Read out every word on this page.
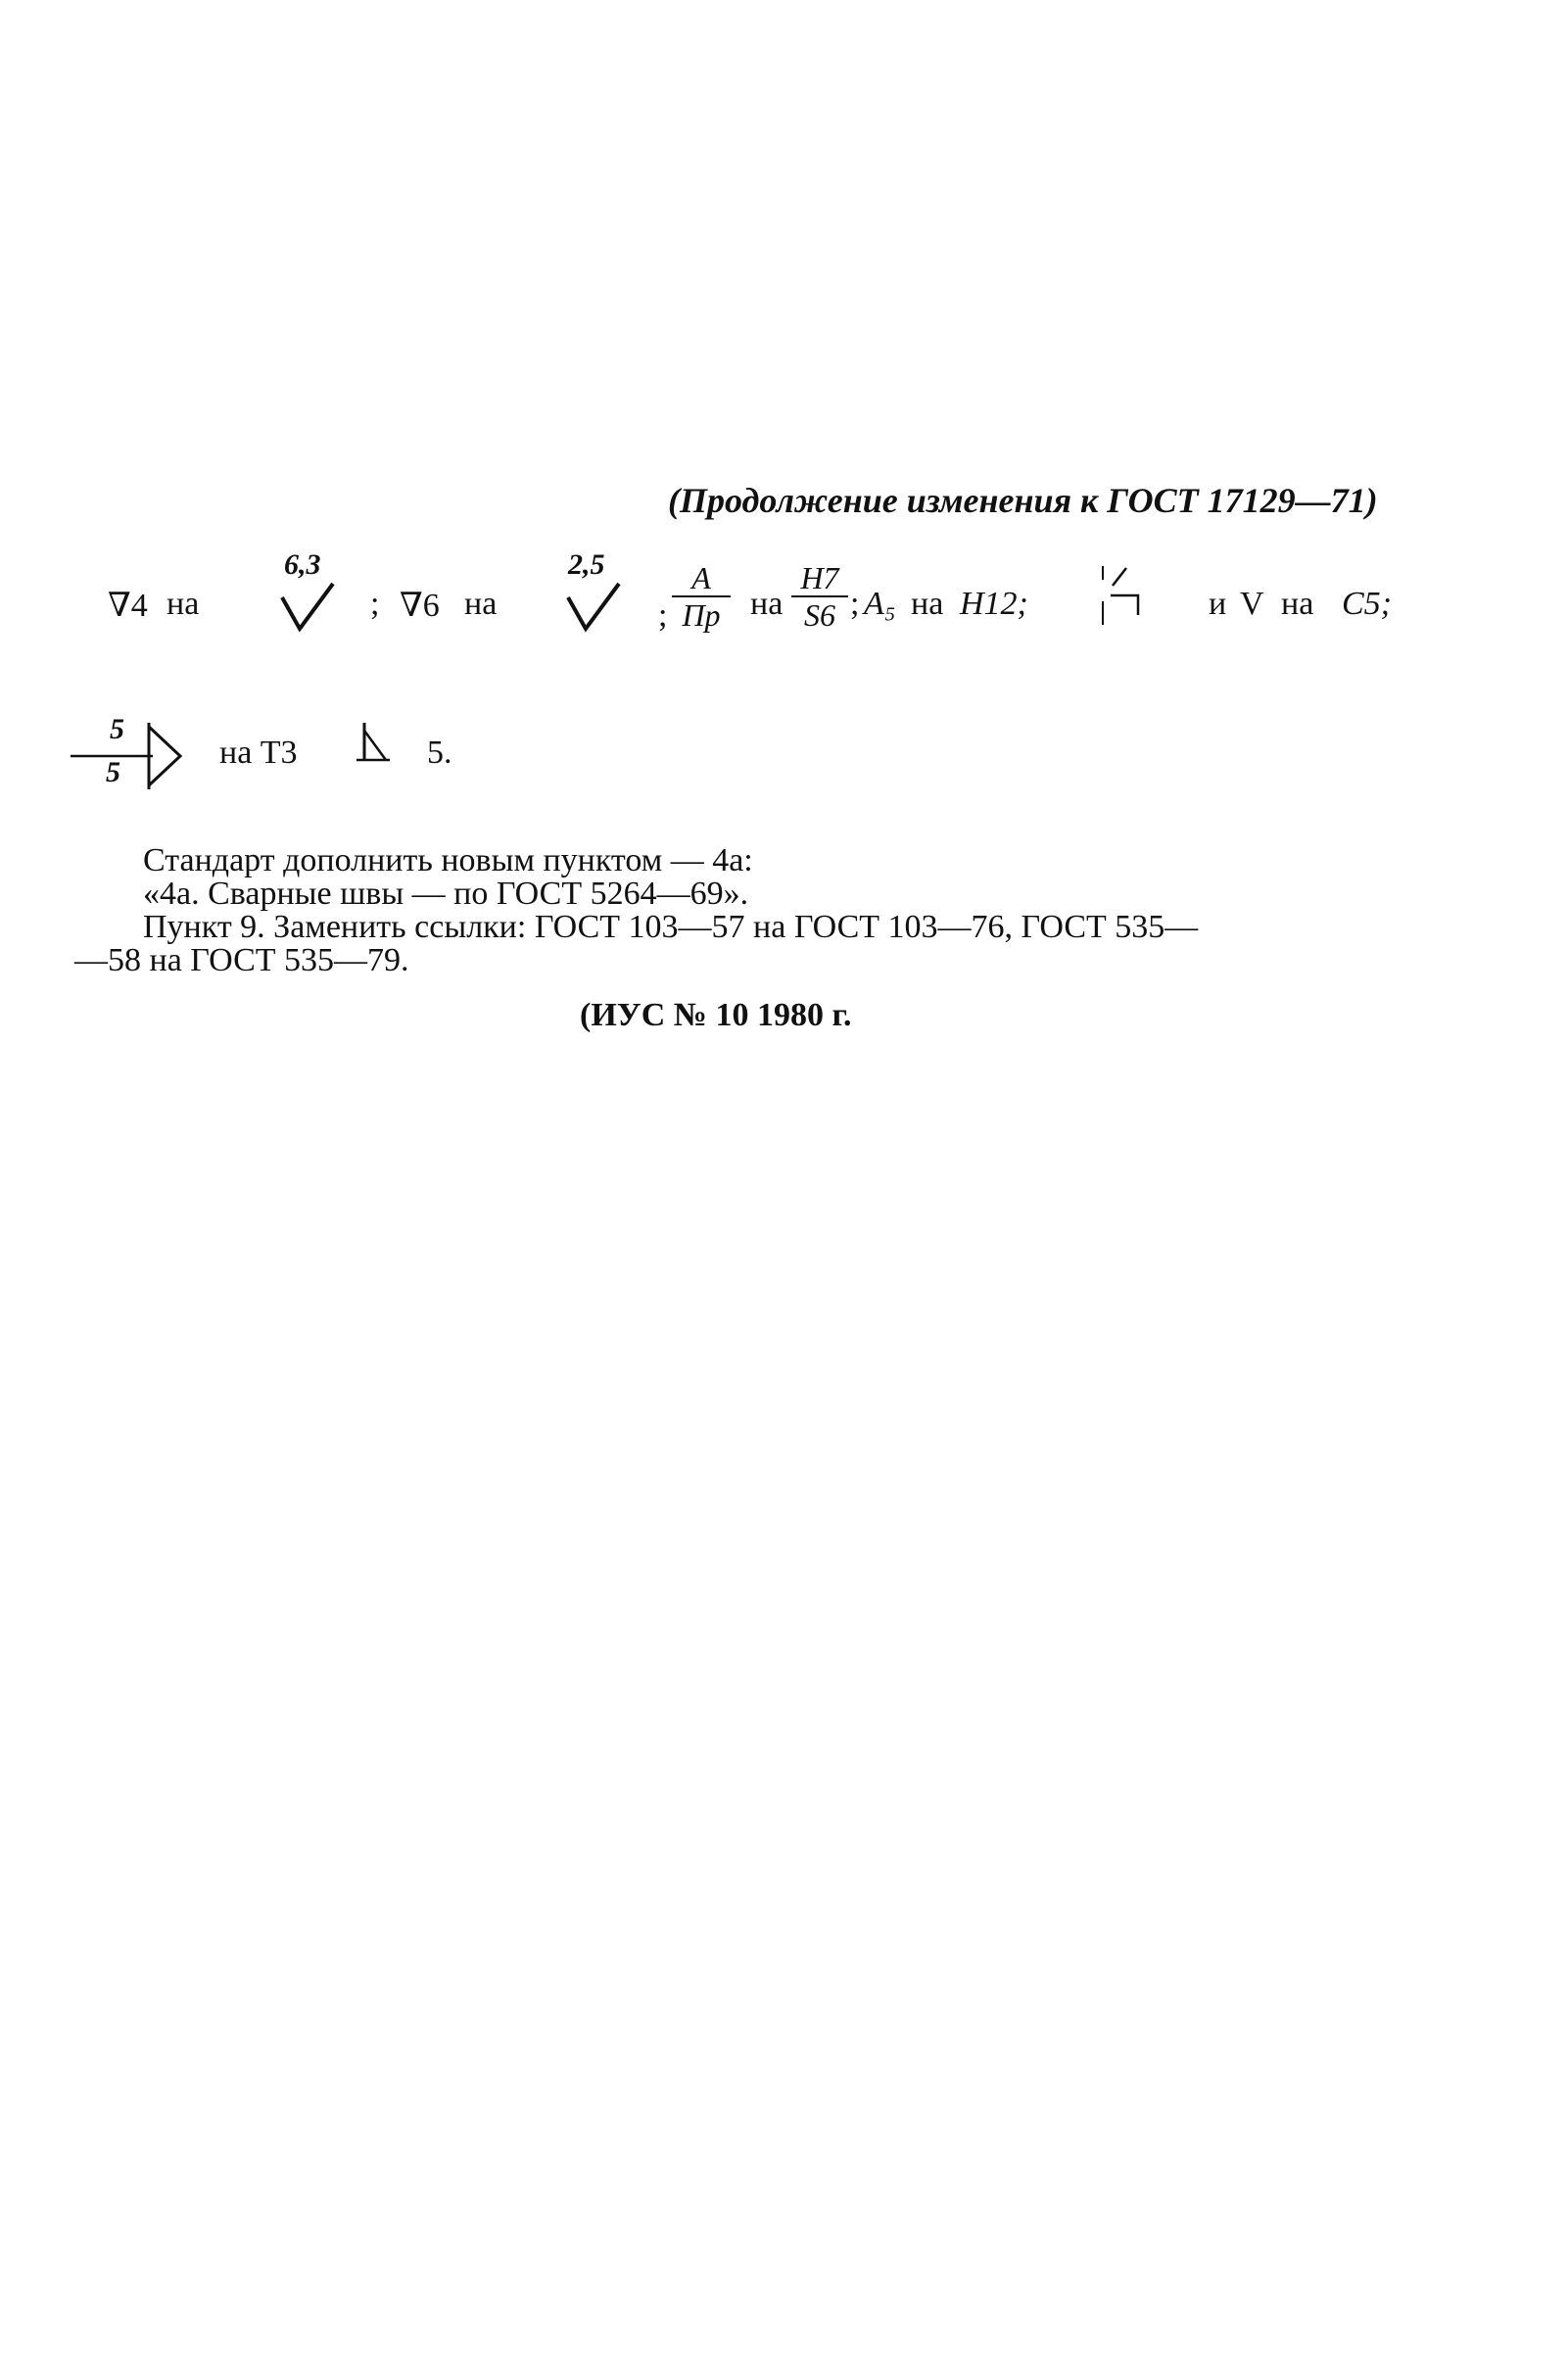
(Продолжение изменения к ГОСТ 17129—71)
∇4 на
6,3
; ∇6 на
2,5
;
A
Пр на $\frac{H7}{S6}$ ; A₅ на H12;	и V на C5;
5
5
на Т3	5.
Стандарт дополнить новым пунктом — 4а:
«4а. Сварные швы — по ГОСТ 5264—69».
Пункт 9. Заменить ссылки: ГОСТ 103—57 на ГОСТ 103—76, ГОСТ 535—
—58 на ГОСТ 535—79.
(ИУС № 10 1980 г.
